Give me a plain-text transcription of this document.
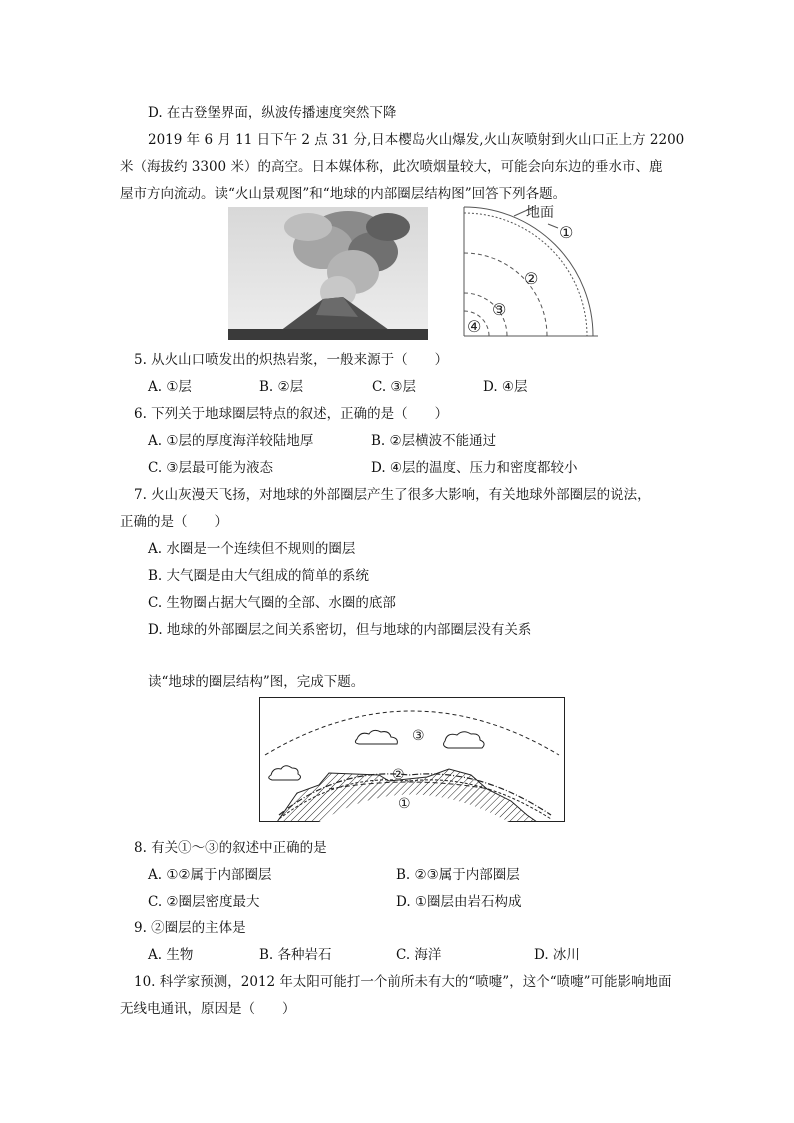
D. 在古登堡界面，纵波传播速度突然下降
2019 年 6 月 11 日下午 2 点 31 分,日本樱岛火山爆发,火山灰喷射到火山口正上方 2200
米（海拔约 3300 米）的高空。日本媒体称，此次喷烟量较大，可能会向东边的垂水市、鹿
屋市方向流动。读“火山景观图”和“地球的内部圈层结构图”回答下列各题。
地面
①
②
③
④
5. 从火山口喷发出的炽热岩浆，一般来源于（　　）
A. ①层	B. ②层	C. ③层	D. ④层
6. 下列关于地球圈层特点的叙述，正确的是（　　）
A. ①层的厚度海洋较陆地厚	B. ②层横波不能通过
C. ③层最可能为液态	D. ④层的温度、压力和密度都较小
7. 火山灰漫天飞扬，对地球的外部圈层产生了很多大影响，有关地球外部圈层的说法，
正确的是（　　）
A. 水圈是一个连续但不规则的圈层
B. 大气圈是由大气组成的简单的系统
C. 生物圈占据大气圈的全部、水圈的底部
D. 地球的外部圈层之间关系密切，但与地球的内部圈层没有关系
读“地球的圈层结构”图，完成下题。
③
②
①
8. 有关①～③的叙述中正确的是
A. ①②属于内部圈层	B. ②③属于内部圈层
C. ②圈层密度最大	D. ①圈层由岩石构成
9. ②圈层的主体是
A. 生物	B. 各种岩石	C. 海洋	D. 冰川
10. 科学家预测，2012 年太阳可能打一个前所未有大的“喷嚏”，这个“喷嚏”可能影响地面
无线电通讯，原因是（　　）
